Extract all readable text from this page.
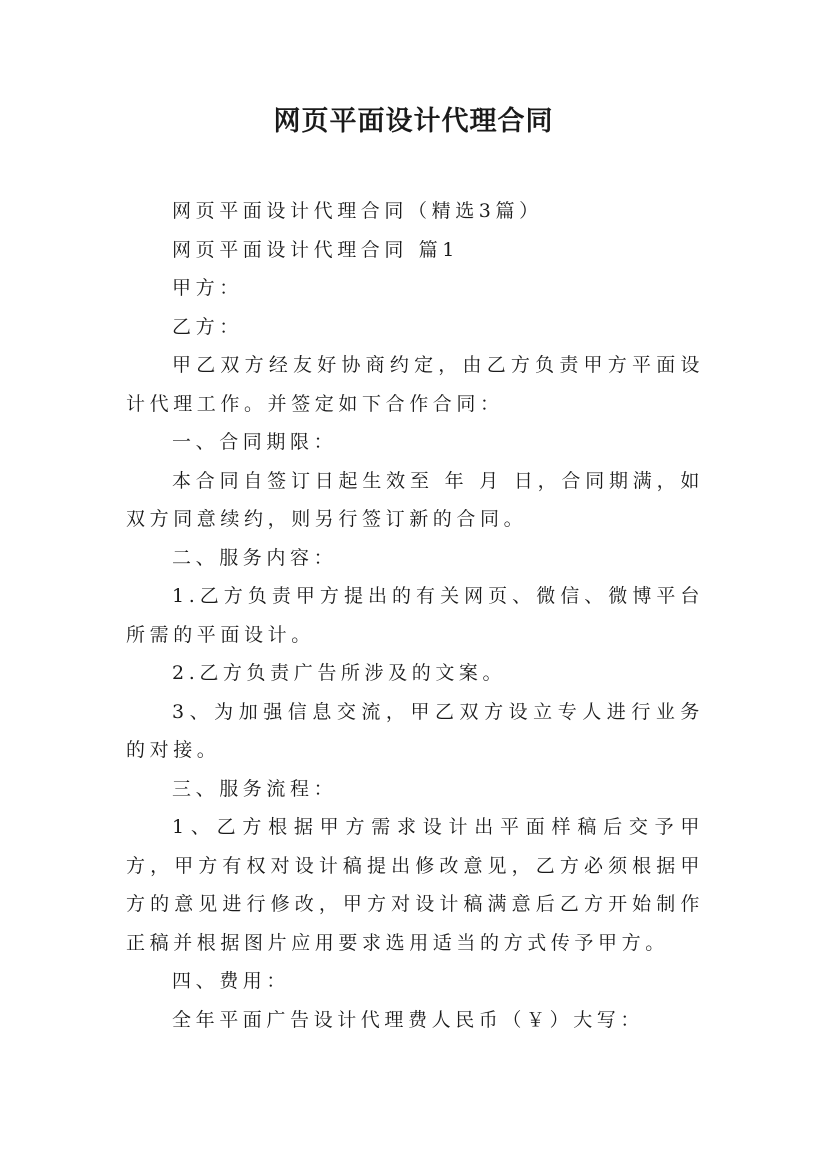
网页平面设计代理合同

网页平面设计代理合同（精选3篇）

网页平面设计代理合同 篇1

甲方：

乙方：

甲乙双方经友好协商约定，由乙方负责甲方平面设计代理工作。并签定如下合作合同：

一、合同期限：

本合同自签订日起生效至 年 月 日，合同期满，如双方同意续约，则另行签订新的合同。

二、服务内容：

1.乙方负责甲方提出的有关网页、微信、微博平台所需的平面设计。

2.乙方负责广告所涉及的文案。

3、为加强信息交流，甲乙双方设立专人进行业务的对接。

三、服务流程：

1、乙方根据甲方需求设计出平面样稿后交予甲方，甲方有权对设计稿提出修改意见，乙方必须根据甲方的意见进行修改，甲方对设计稿满意后乙方开始制作正稿并根据图片应用要求选用适当的方式传予甲方。

四、费用：

全年平面广告设计代理费人民币（￥）大写：
